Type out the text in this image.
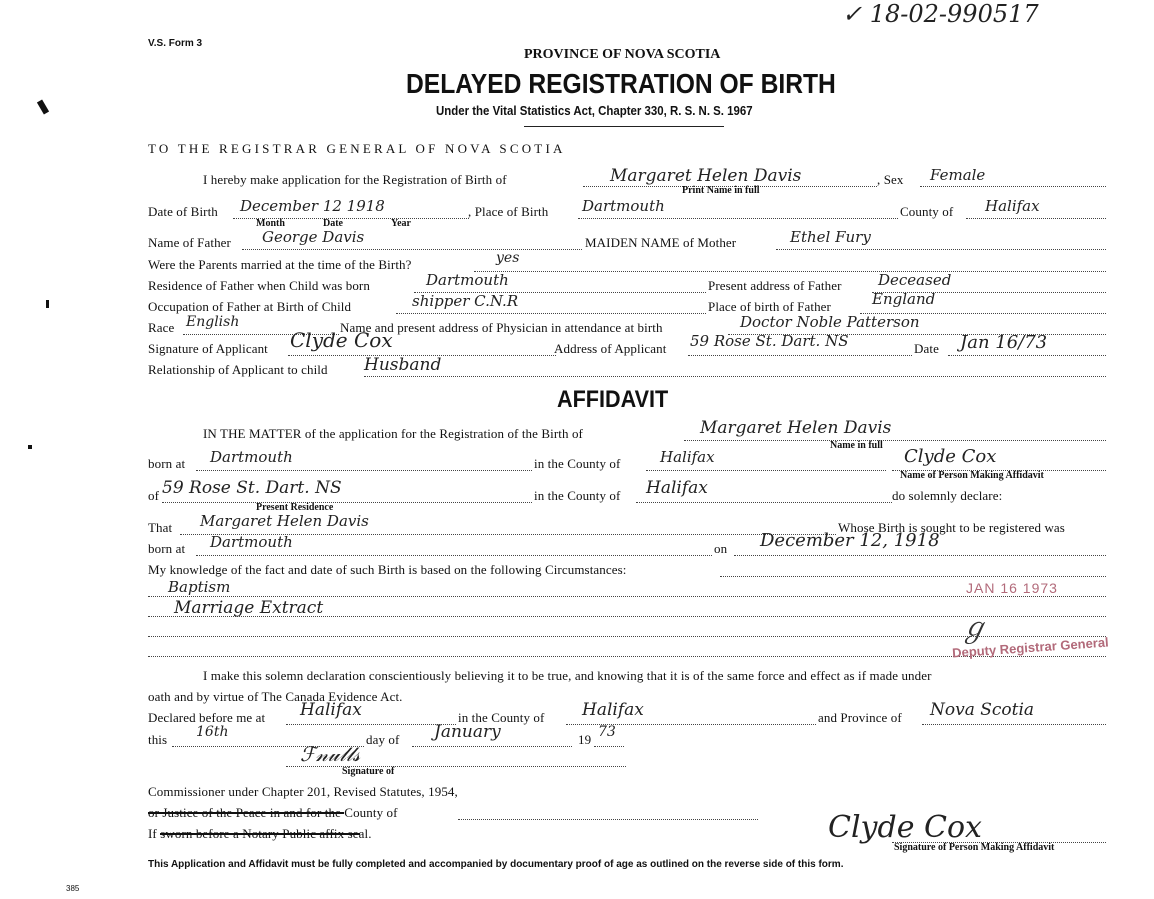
✓ 18-02-990517
V.S. Form 3
PROVINCE OF NOVA SCOTIA
DELAYED REGISTRATION OF BIRTH
Under the Vital Statistics Act, Chapter 330, R. S. N. S. 1967
TO THE REGISTRAR GENERAL OF NOVA SCOTIA
I hereby make application for the Registration of Birth of	Margaret Helen Davis
Print Name in full
, Sex Female
Date of Birth December 12 1918
Month	Date	Year
, Place of Birth Dartmouth	County of Halifax
Name of Father George Davis	MAIDEN NAME of Mother	Ethel Fury
Were the Parents married at the time of the Birth?	yes
Residence of Father when Child was born	Dartmouth	Present address of Father Deceased
Occupation of Father at Birth of Child	shipper C.N.R	Place of birth of Father	England
Race English	Name and present address of Physician in attendance at birth	Doctor Noble Patterson
Signature of Applicant Clyde Cox	Address of Applicant 59 Rose St. Dart. NS	Date Jan 16/73
Relationship of Applicant to child Husband
AFFIDAVIT
IN THE MATTER of the application for the Registration of the Birth of	Margaret Helen Davis
Name in full
born at Dartmouth	in the County of	Halifax	Clyde Cox
Name of Person Making Affidavit
of 59 Rose St. Dart. NS
Present Residence
in the County of Halifax	do solemnly declare:
That Margaret Helen Davis	Whose Birth is sought to be registered was
born at Dartmouth	on December 12, 1918
My knowledge of the fact and date of such Birth is based on the following Circumstances:
Baptism
Marriage Extract
JAN 16 1973
ℊ
Deputy Registrar General
I make this solemn declaration conscientiously believing it to be true, and knowing that it is of the same force and effect as if made under
oath and by virtue of The Canada Evidence Act.
Declared before me at Halifax	in the County of Halifax	and Province of Nova Scotia
this 16th	day of January	19 73
ℱ𝓃𝓊𝓁𝓁𝓈
Signature of
Commissioner under Chapter 201, Revised Statutes, 1954,
or Justice of the Peace in and for the County of
If sworn before a Notary Public affix seal.	Clyde Cox
Signature of Person Making Affidavit
This Application and Affidavit must be fully completed and accompanied by documentary proof of age as outlined on the reverse side of this form.
385
